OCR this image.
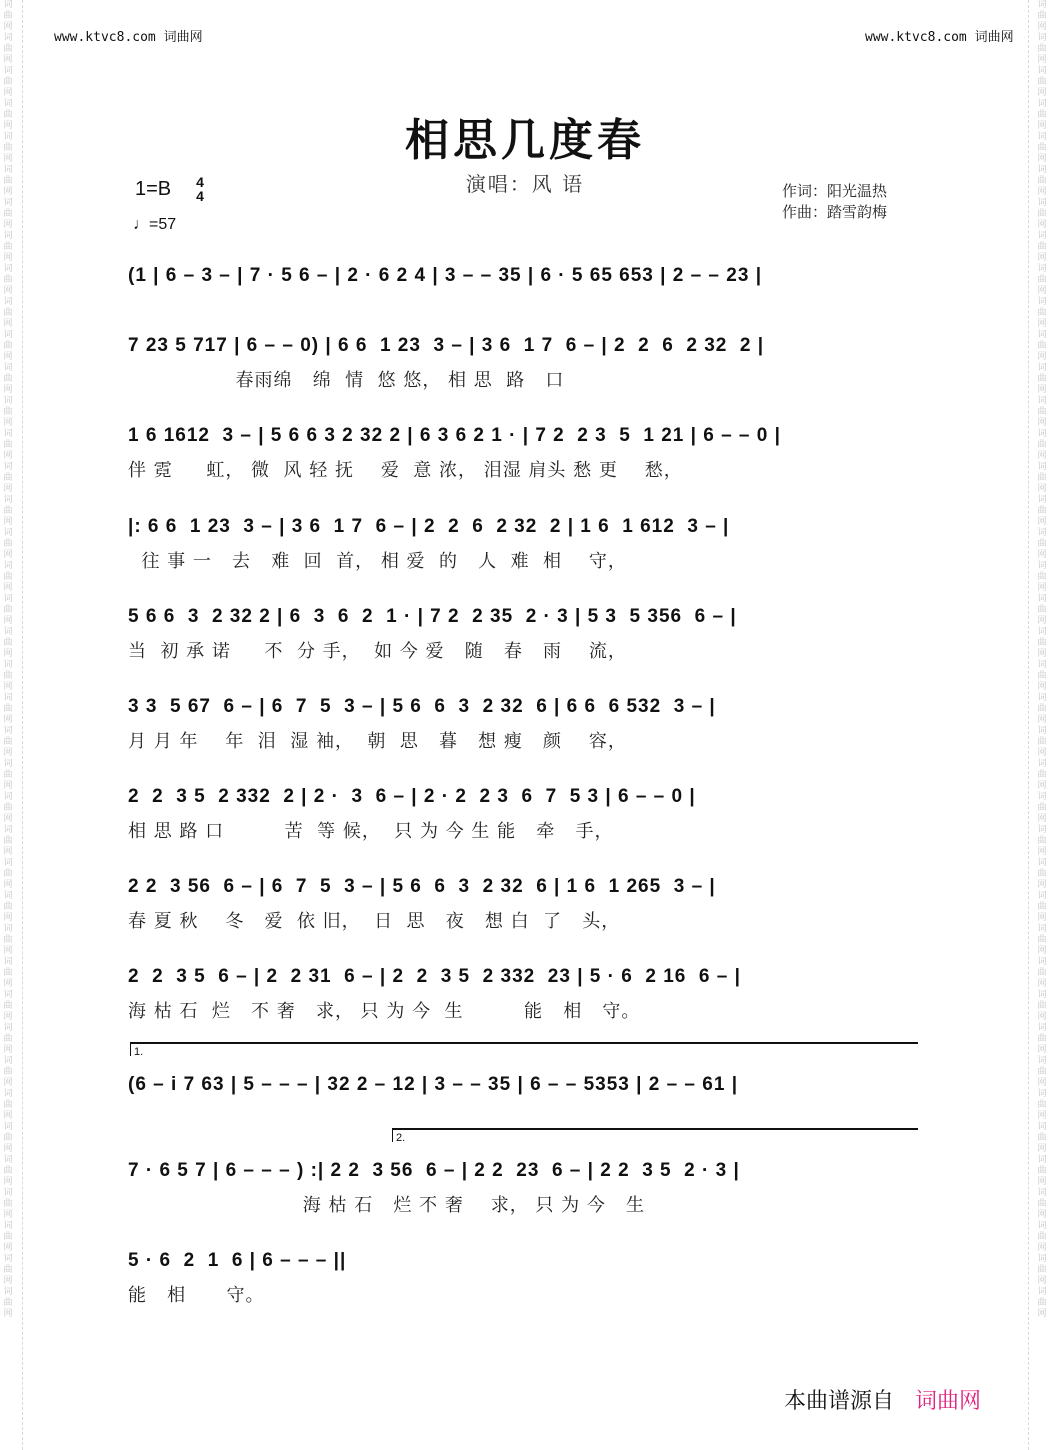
词曲网词曲网词曲网词曲网词曲网词曲网词曲网词曲网词曲网词曲网词曲网词曲网词曲网词曲网词曲网词曲网词曲网词曲网词曲网词曲网词曲网词曲网词曲网词曲网词曲网词曲网词曲网词曲网词曲网词曲网词曲网词曲网词曲网词曲网词曲网词曲网词曲网词曲网词曲网词曲网
词曲网词曲网词曲网词曲网词曲网词曲网词曲网词曲网词曲网词曲网词曲网词曲网词曲网词曲网词曲网词曲网词曲网词曲网词曲网词曲网词曲网词曲网词曲网词曲网词曲网词曲网词曲网词曲网词曲网词曲网词曲网词曲网词曲网词曲网词曲网词曲网词曲网词曲网词曲网词曲网
www.ktvc8.com 词曲网	www.ktvc8.com 词曲网
相思几度春
演唱：风 语
1=B 4
4
♩=57
作词：阳光温热
作曲：踏雪韵梅
(1 | 6 – 3 – | 7 · 5 6 – | 2 · 6 2 4 | 3 – – 35 | 6 · 5 65 653 | 2 – – 23 |
7 23 5 717 | 6 – – 0) | 6 6  1 23  3 – | 3 6  1 7  6 – | 2  2  6  2 32  2 |
春雨绵   绵  情  悠 悠， 相 思  路   口
1 6 1612  3 – | 5 6 6 3 2 32 2 | 6 3 6 2 1 · | 7 2  2 3  5  1 21 | 6 – – 0 |
伴 霓     虹， 微  风 轻 抚    爱  意 浓， 泪湿 肩头 愁 更    愁，
|: 6 6  1 23  3 – | 3 6  1 7  6 – | 2  2  6  2 32  2 | 1 6  1 612  3 – |
往 事 一   去   难  回  首， 相 爱  的   人  难  相    守，
5 6 6  3  2 32 2 | 6  3  6  2  1 · | 7 2  2 35  2 · 3 | 5 3  5 356  6 – |
当  初 承 诺     不  分 手，  如 今 爱   随   春   雨    流，
3 3  5 67  6 – | 6  7  5  3 – | 5 6  6  3  2 32  6 | 6 6  6 532  3 – |
月 月 年    年  泪  湿 袖，  朝  思   暮   想 瘦   颜    容，
2  2  3 5  2 332  2 | 2 ·  3  6 – | 2 · 2  2 3  6  7  5 3 | 6 – – 0 |
相 思 路 口         苦  等 候，  只 为 今 生 能   牵   手，
2 2  3 56  6 – | 6  7  5  3 – | 5 6  6  3  2 32  6 | 1 6  1 265  3 – |
春 夏 秋    冬   爱  依 旧，  日  思   夜   想 白  了   头，
2  2  3 5  6 – | 2  2 31  6 – | 2  2  3 5  2 332  23 | 5 · 6  2 16  6 – |
海 枯 石  烂   不 奢   求， 只 为 今  生         能   相   守。
1.
(6 – i 7 63 | 5 – – – | 32 2 – 12 | 3 – – 35 | 6 – – 5353 | 2 – – 61 |
2.
7 · 6 5 7 | 6 – – – ) :| 2 2  3 56  6 – | 2 2  23  6 – | 2 2  3 5  2 · 3 |
海 枯 石   烂 不 奢    求， 只 为 今   生
5 · 6  2  1  6 | 6 – – – ||
能   相      守。
本曲谱源自 词曲网
